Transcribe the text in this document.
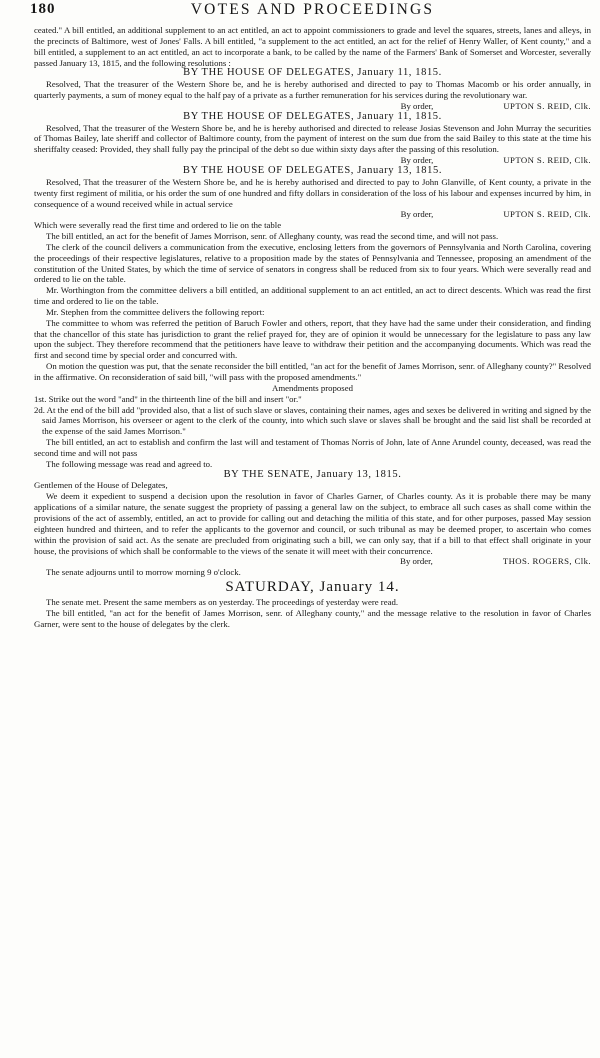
180	VOTES AND PROCEEDINGS

ceated." A bill entitled, an additional supplement to an act entitled, an act to appoint commissioners to grade and level the squares, streets, lanes and alleys, in the precincts of Baltimore, west of Jones' Falls. A bill entitled, "a supplement to the act entitled, an act for the relief of Henry Waller, of Kent county," and a bill entitled, a supplement to an act entitled, an act to incorporate a bank, to be called by the name of the Farmers' Bank of Somerset and Worcester, severally passed January 13, 1815, and the following resolutions :

BY THE HOUSE OF DELEGATES, January 11, 1815.

Resolved, That the treasurer of the Western Shore be, and he is hereby authorised and directed to pay to Thomas Macomb or his order annually, in quarterly payments, a sum of money equal to the half pay of a private as a further remuneration for his services during the revolutionary war.

By order,	UPTON S. REID, Clk.

BY THE HOUSE OF DELEGATES, January 11, 1815.

Resolved, That the treasurer of the Western Shore be, and he is hereby authorised and directed to release Josias Stevenson and John Murray the securities of Thomas Bailey, late sheriff and collector of Baltimore county, from the payment of interest on the sum due from the said Bailey to this state at the time his sheriffalty ceased: Provided, they shall fully pay the principal of the debt so due within sixty days after the passing of this resolution.

By order,	UPTON S. REID, Clk.

BY THE HOUSE OF DELEGATES, January 13, 1815.

Resolved, That the treasurer of the Western Shore be, and he is hereby authorised and directed to pay to John Glanville, of Kent county, a private in the twenty first regiment of militia, or his order the sum of one hundred and fifty dollars in consideration of the loss of his labour and expenses incurred by him, in consequence of a wound received while in actual service

By order,	UPTON S. REID, Clk.

Which were severally read the first time and ordered to lie on the table

The bill entitled, an act for the benefit of James Morrison, senr. of Alleghany county, was read the second time, and will not pass.

The clerk of the council delivers a communication from the executive, enclosing letters from the governors of Pennsylvania and North Carolina, covering the proceedings of their respective legislatures, relative to a proposition made by the states of Pennsylvania and Tennessee, proposing an amendment of the constitution of the United States, by which the time of service of senators in congress shall be reduced from six to four years. Which were severally read and ordered to lie on the table.

Mr. Worthington from the committee delivers a bill entitled, an additional supplement to an act entitled, an act to direct descents. Which was read the first time and ordered to lie on the table.

Mr. Stephen from the committee delivers the following report:

The committee to whom was referred the petition of Baruch Fowler and others, report, that they have had the same under their consideration, and finding that the chancellor of this state has jurisdiction to grant the relief prayed for, they are of opinion it would be unnecessary for the legislature to pass any law upon the subject. They therefore recommend that the petitioners have leave to withdraw their petition and the accompanying documents. Which was read the first and second time by special order and concurred with.

On motion the question was put, that the senate reconsider the bill entitled, "an act for the benefit of James Morrison, senr. of Alleghany county?" Resolved in the affirmative. On reconsideration of said bill, "will pass with the proposed amendments."

Amendments proposed

1st. Strike out the word "and" in the thirteenth line of the bill and insert "or."

2d. At the end of the bill add "provided also, that a list of such slave or slaves, containing their names, ages and sexes be delivered in writing and signed by the said James Morrison, his overseer or agent to the clerk of the county, into which such slave or slaves shall be brought and the said list shall be recorded at the expense of the said James Morrison."

The bill entitled, an act to establish and confirm the last will and testament of Thomas Norris of John, late of Anne Arundel county, deceased, was read the second time and will not pass

The following message was read and agreed to.

BY THE SENATE, January 13, 1815.

Gentlemen of the House of Delegates,

We deem it expedient to suspend a decision upon the resolution in favor of Charles Garner, of Charles county. As it is probable there may be many applications of a similar nature, the senate suggest the propriety of passing a general law on the subject, to embrace all such cases as shall come within the provisions of the act of assembly, entitled, an act to provide for calling out and detaching the militia of this state, and for other purposes, passed May session eighteen hundred and thirteen, and to refer the applicants to the governor and council, or such tribunal as may be deemed proper, to ascertain who comes within the provision of said act. As the senate are precluded from originating such a bill, we can only say, that if a bill to that effect shall originate in your house, the provisions of which shall be conformable to the views of the senate it will meet with their concurrence.

By order,	THOS. ROGERS, Clk.

The senate adjourns until to morrow morning 9 o'clock.

SATURDAY, January 14.

The senate met. Present the same members as on yesterday. The proceedings of yesterday were read.

The bill entitled, "an act for the benefit of James Morrison, senr. of Alleghany county," and the message relative to the resolution in favor of Charles Garner, were sent to the house of delegates by the clerk.
